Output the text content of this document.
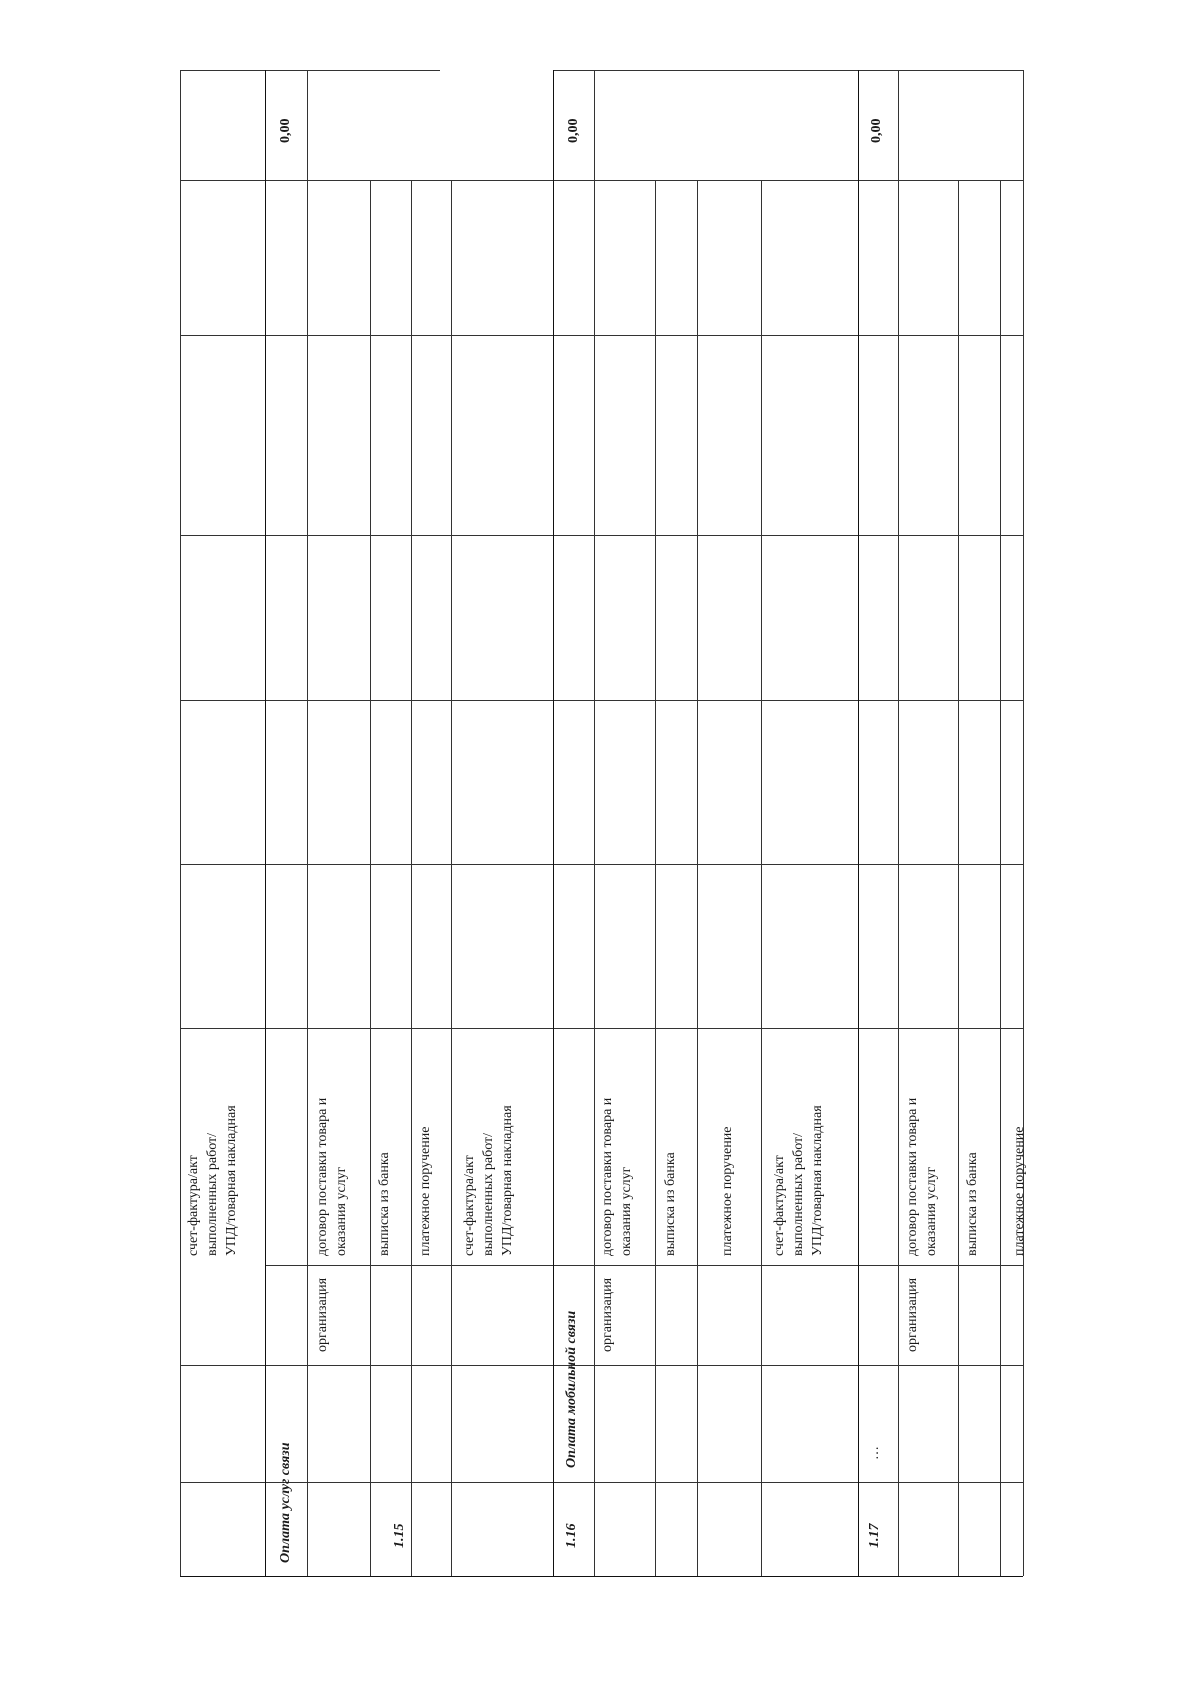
счет-фактура/акт
выполненных работ/
УПД/товарная накладная
Оплата услуг связи
0,00
1.15
организация
договор поставки товара и
оказания услуг выписка из банка платежное поручение счет-фактура/акт
выполненных работ/
УПД/товарная накладная
1.16
Оплата мобильной связи
0,00
организация
договор поставки товара и
оказания услуг выписка из банка	платежное поручение	счет-фактура/акт
выполненных работ/
УПД/товарная накладная
1.17
…
0,00
организация
договор поставки товара и
оказания услуг выписка из банка платежное поручение
